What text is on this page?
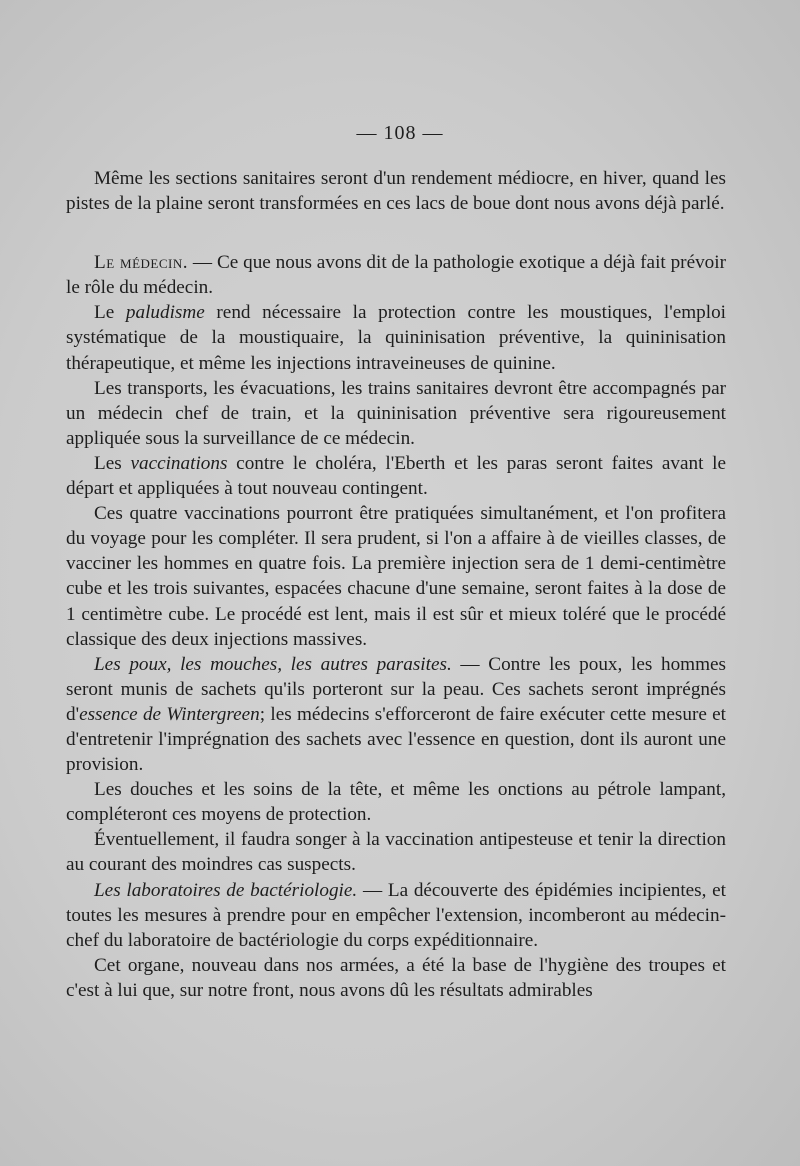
— 108 —

Même les sections sanitaires seront d'un rendement médiocre, en hiver, quand les pistes de la plaine seront transformées en ces lacs de boue dont nous avons déjà parlé.

Le médecin. — Ce que nous avons dit de la pathologie exotique a déjà fait prévoir le rôle du médecin.

Le paludisme rend nécessaire la protection contre les moustiques, l'emploi systématique de la moustiquaire, la quininisation préventive, la quininisation thérapeutique, et même les injections intraveineuses de quinine.

Les transports, les évacuations, les trains sanitaires devront être accompagnés par un médecin chef de train, et la quininisation préventive sera rigoureusement appliquée sous la surveillance de ce médecin.

Les vaccinations contre le choléra, l'Eberth et les paras seront faites avant le départ et appliquées à tout nouveau contingent.

Ces quatre vaccinations pourront être pratiquées simultanément, et l'on profitera du voyage pour les compléter. Il sera prudent, si l'on a affaire à de vieilles classes, de vacciner les hommes en quatre fois. La première injection sera de 1 demi-centimètre cube et les trois suivantes, espacées chacune d'une semaine, seront faites à la dose de 1 centimètre cube. Le procédé est lent, mais il est sûr et mieux toléré que le procédé classique des deux injections massives.

Les poux, les mouches, les autres parasites. — Contre les poux, les hommes seront munis de sachets qu'ils porteront sur la peau. Ces sachets seront imprégnés d'essence de Wintergreen; les médecins s'efforceront de faire exécuter cette mesure et d'entretenir l'imprégnation des sachets avec l'essence en question, dont ils auront une provision.

Les douches et les soins de la tête, et même les onctions au pétrole lampant, compléteront ces moyens de protection.

Éventuellement, il faudra songer à la vaccination antipesteuse et tenir la direction au courant des moindres cas suspects.

Les laboratoires de bactériologie. — La découverte des épidémies incipientes, et toutes les mesures à prendre pour en empêcher l'extension, incomberont au médecin-chef du laboratoire de bactériologie du corps expéditionnaire.

Cet organe, nouveau dans nos armées, a été la base de l'hygiène des troupes et c'est à lui que, sur notre front, nous avons dû les résultats admirables
